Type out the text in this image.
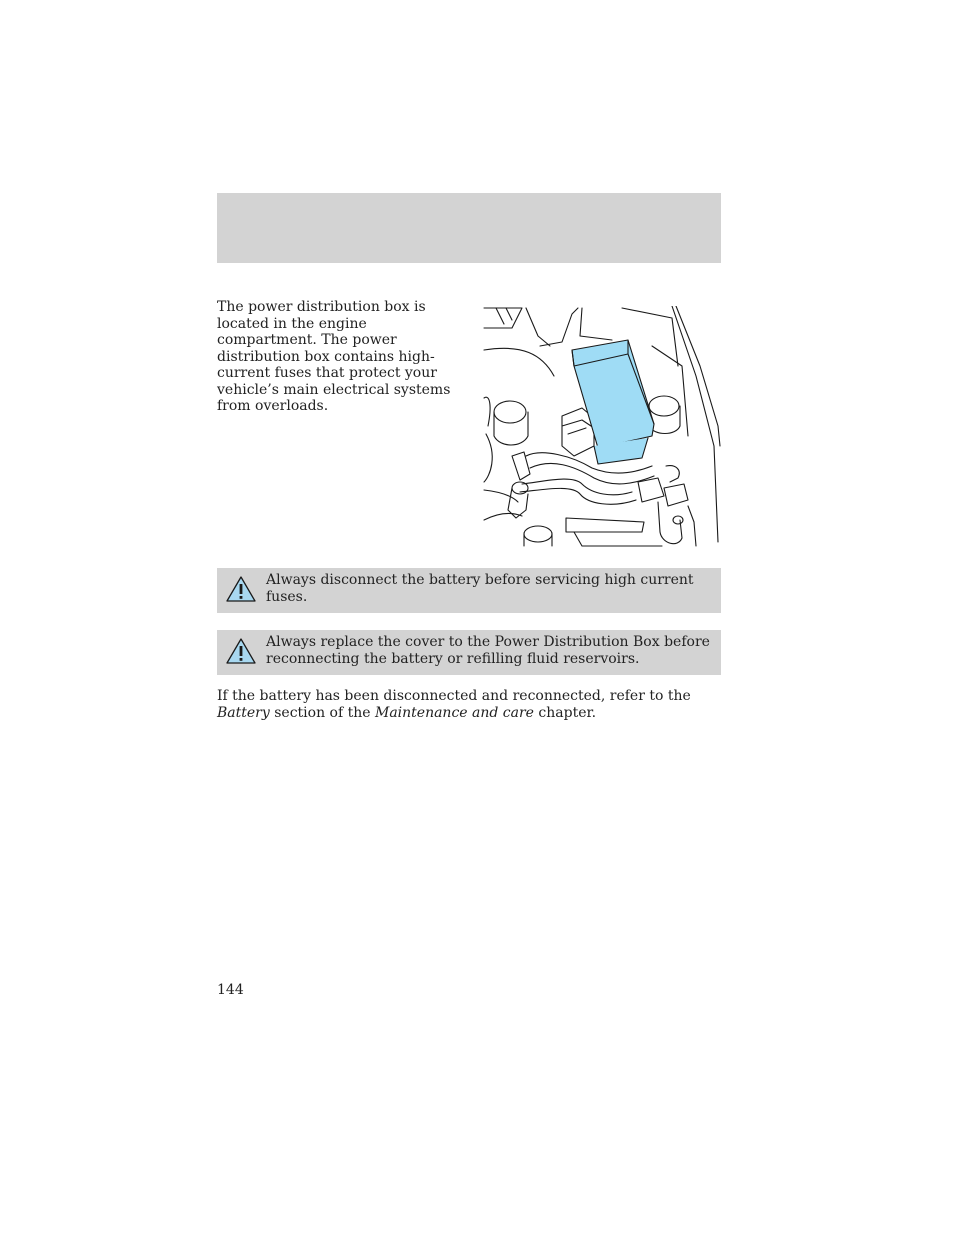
The power distribution box is located in the engine compartment. The power distribution box contains high-current fuses that protect your vehicle’s main electrical systems from overloads.

Always disconnect the battery before servicing high current fuses.

Always replace the cover to the Power Distribution Box before reconnecting the battery or refilling fluid reservoirs.

If the battery has been disconnected and reconnected, refer to the Battery section of the Maintenance and care chapter.

144
